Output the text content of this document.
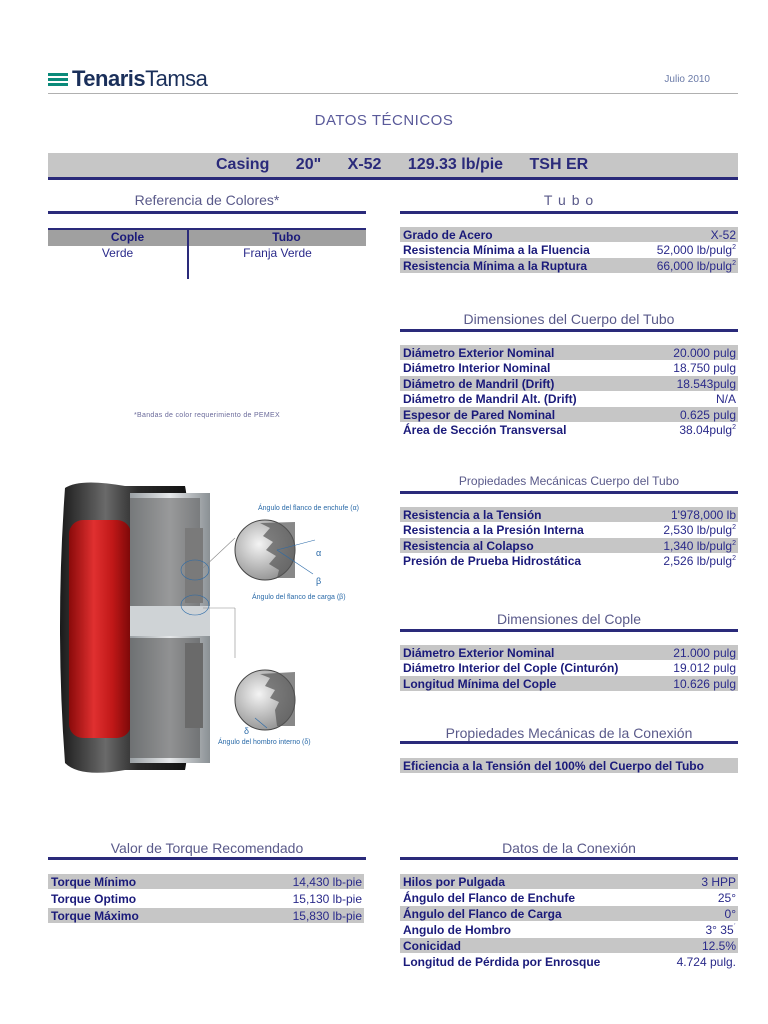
TenarisTamsa	Julio 2010
DATOS TÉCNICOS
Casing 20" X-52 129.33 lb/pie TSH ER
Referencia de Colores*
Cople	Tubo
Verde	Franja Verde
*Bandas de color requerimiento de PEMEX
T u b o
Dimensiones del Cuerpo del Tubo
Propiedades Mecánicas Cuerpo del Tubo
Dimensiones del Cople
Propiedades Mecánicas de la Conexión
Valor de Torque Recomendado	Datos de la Conexión
Ángulo del flanco de enchufe (α)
α
β
Ángulo del flanco de carga (β)
δ
Ángulo del hombro interno (δ)
Grado de Acero	X-52
Resistencia Mínima a la Fluencia	52,000 lb/pulg$^2$
Resistencia Mínima a la Ruptura	66,000 lb/pulg$^2$
Diámetro Exterior Nominal	20.000 pulg
Diámetro Interior Nominal	18.750 pulg
Diámetro de Mandril (Drift)	18.543pulg
Diámetro de Mandril Alt. (Drift)	N/A
Espesor de Pared Nominal	0.625 pulg
Área de Sección Transversal	38.04pulg$^2$
Resistencia a la Tensión	1'978,000 lb
Resistencia a la Presión Interna	2,530 lb/pulg$^2$
Resistencia al Colapso	1,340 lb/pulg$^2$
Presión de Prueba Hidrostática	2,526 lb/pulg$^2$
Diámetro Exterior Nominal	21.000 pulg
Diámetro Interior del Cople (Cinturón)	19.012 pulg
Longitud Mínima del Cople	10.626 pulg
Eficiencia a la Tensión del 100% del Cuerpo del Tubo
Torque Mínimo	14,430 lb-pie
Torque Optimo	15,130 lb-pie
Torque Máximo	15,830 lb-pie
Hilos por Pulgada	3 HPP
Ángulo del Flanco de Enchufe	25°
Ángulo del Flanco de Carga	0°
Angulo de Hombro	3° 35´
Conicidad	12.5%
Longitud de Pérdida por Enrosque	4.724 pulg.
